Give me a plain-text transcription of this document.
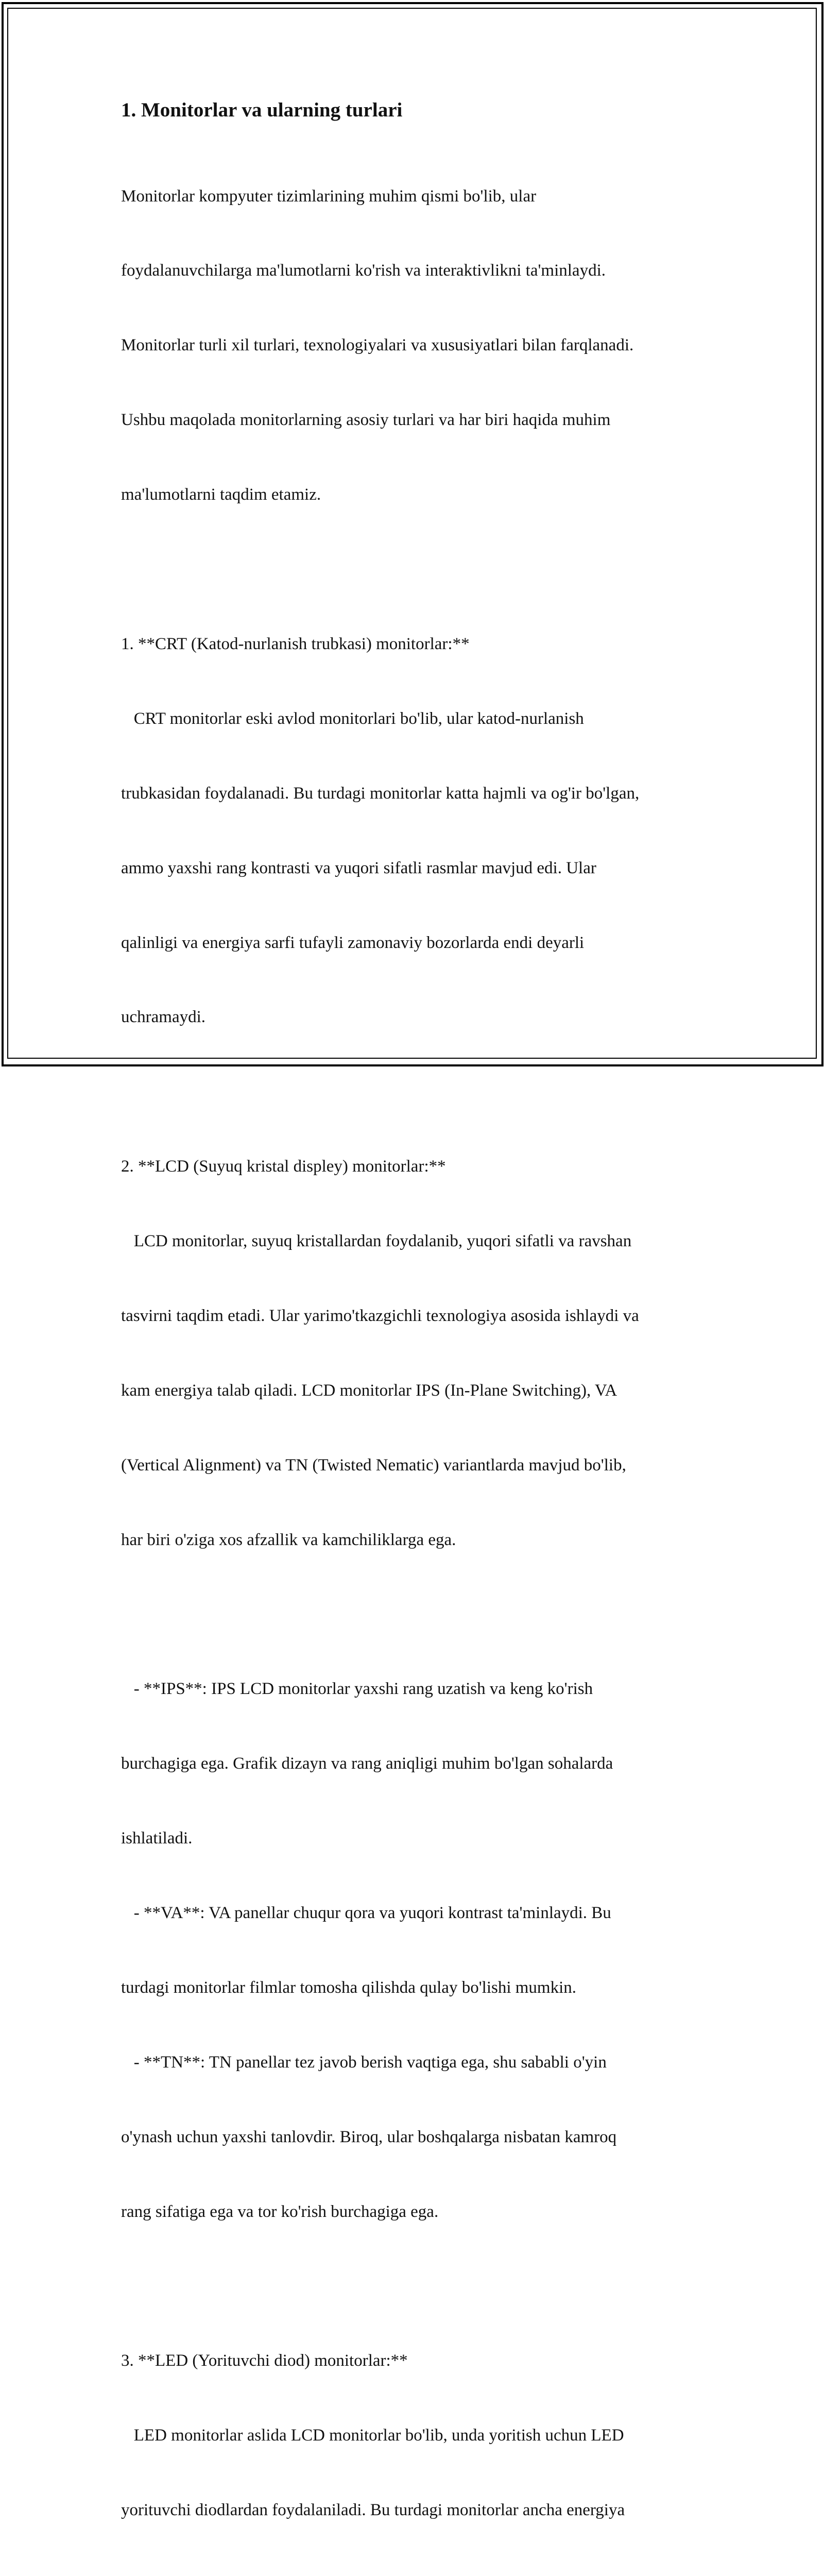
1. Monitorlar va ularning turlari

Monitorlar kompyuter tizimlarining muhim qismi bo'lib, ular

foydalanuvchilarga ma'lumotlarni ko'rish va interaktivlikni ta'minlaydi.

Monitorlar turli xil turlari, texnologiyalari va xususiyatlari bilan farqlanadi.

Ushbu maqolada monitorlarning asosiy turlari va har biri haqida muhim

ma'lumotlarni taqdim etamiz.

1. **CRT (Katod-nurlanish trubkasi) monitorlar:**

CRT monitorlar eski avlod monitorlari bo'lib, ular katod-nurlanish

trubkasidan foydalanadi. Bu turdagi monitorlar katta hajmli va og'ir bo'lgan,

ammo yaxshi rang kontrasti va yuqori sifatli rasmlar mavjud edi. Ular

qalinligi va energiya sarfi tufayli zamonaviy bozorlarda endi deyarli

uchramaydi.

2. **LCD (Suyuq kristal displey) monitorlar:**

LCD monitorlar, suyuq kristallardan foydalanib, yuqori sifatli va ravshan

tasvirni taqdim etadi. Ular yarimo'tkazgichli texnologiya asosida ishlaydi va

kam energiya talab qiladi. LCD monitorlar IPS (In-Plane Switching), VA

(Vertical Alignment) va TN (Twisted Nematic) variantlarda mavjud bo'lib,

har biri o'ziga xos afzallik va kamchiliklarga ega.

- **IPS**: IPS LCD monitorlar yaxshi rang uzatish va keng ko'rish

burchagiga ega. Grafik dizayn va rang aniqligi muhim bo'lgan sohalarda

ishlatiladi.

- **VA**: VA panellar chuqur qora va yuqori kontrast ta'minlaydi. Bu

turdagi monitorlar filmlar tomosha qilishda qulay bo'lishi mumkin.

- **TN**: TN panellar tez javob berish vaqtiga ega, shu sababli o'yin

o'ynash uchun yaxshi tanlovdir. Biroq, ular boshqalarga nisbatan kamroq

rang sifatiga ega va tor ko'rish burchagiga ega.

3. **LED (Yorituvchi diod) monitorlar:**

LED monitorlar aslida LCD monitorlar bo'lib, unda yoritish uchun LED

yorituvchi diodlardan foydalaniladi. Bu turdagi monitorlar ancha energiya
